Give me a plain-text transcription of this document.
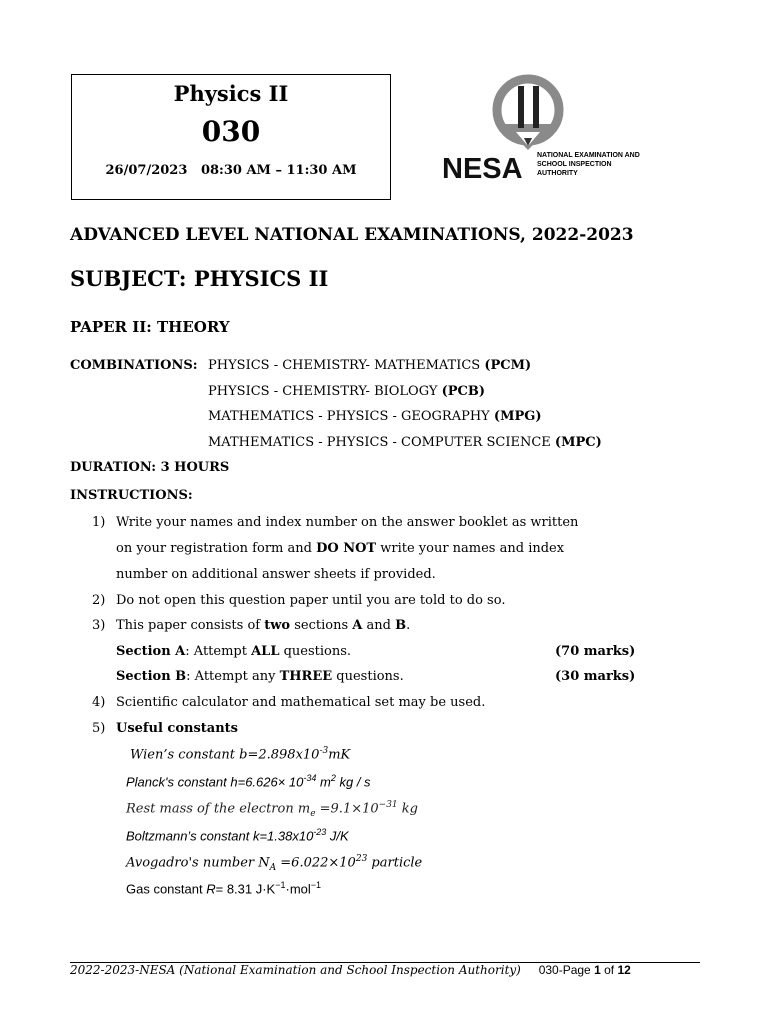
Physics II
030
26/07/2023   08:30 AM – 11:30 AM	NESA NATIONAL EXAMINATION AND
SCHOOL INSPECTION
AUTHORITY
ADVANCED LEVEL NATIONAL EXAMINATIONS, 2022-2023
SUBJECT: PHYSICS II
PAPER II: THEORY
COMBINATIONS: PHYSICS - CHEMISTRY- MATHEMATICS (PCM)
PHYSICS - CHEMISTRY- BIOLOGY (PCB)
MATHEMATICS - PHYSICS - GEOGRAPHY (MPG)
MATHEMATICS - PHYSICS - COMPUTER SCIENCE (MPC)
DURATION: 3 HOURS
INSTRUCTIONS:
1) Write your names and index number on the answer booklet as written
on your registration form and DO NOT write your names and index
number on additional answer sheets if provided.
2) Do not open this question paper until you are told to do so.
3) This paper consists of two sections A and B.
Section A: Attempt ALL questions.	(70 marks)
Section B: Attempt any THREE questions.	(30 marks)
4) Scientific calculator and mathematical set may be used.
5) Useful constants
Wien’s constant $b=2.898x10^{-3}mK$
Planck's constant $h=6.626\times 10^{-34}$ $m^2$ kg / s
Rest mass of the electron $m_e =9.1\times 10^{-31}$ kg
Boltzmann’s constant $k=1.38x10^{-23}$ J/K
Avogadro's number $N_A =6.022\times 10^{23}$ particle
Gas constant R= 8.31 $J\cdot K^{-1}\cdot mol^{-1}$
2022-2023-NESA (National Examination and School Inspection Authority) 030-Page 1 of 12
